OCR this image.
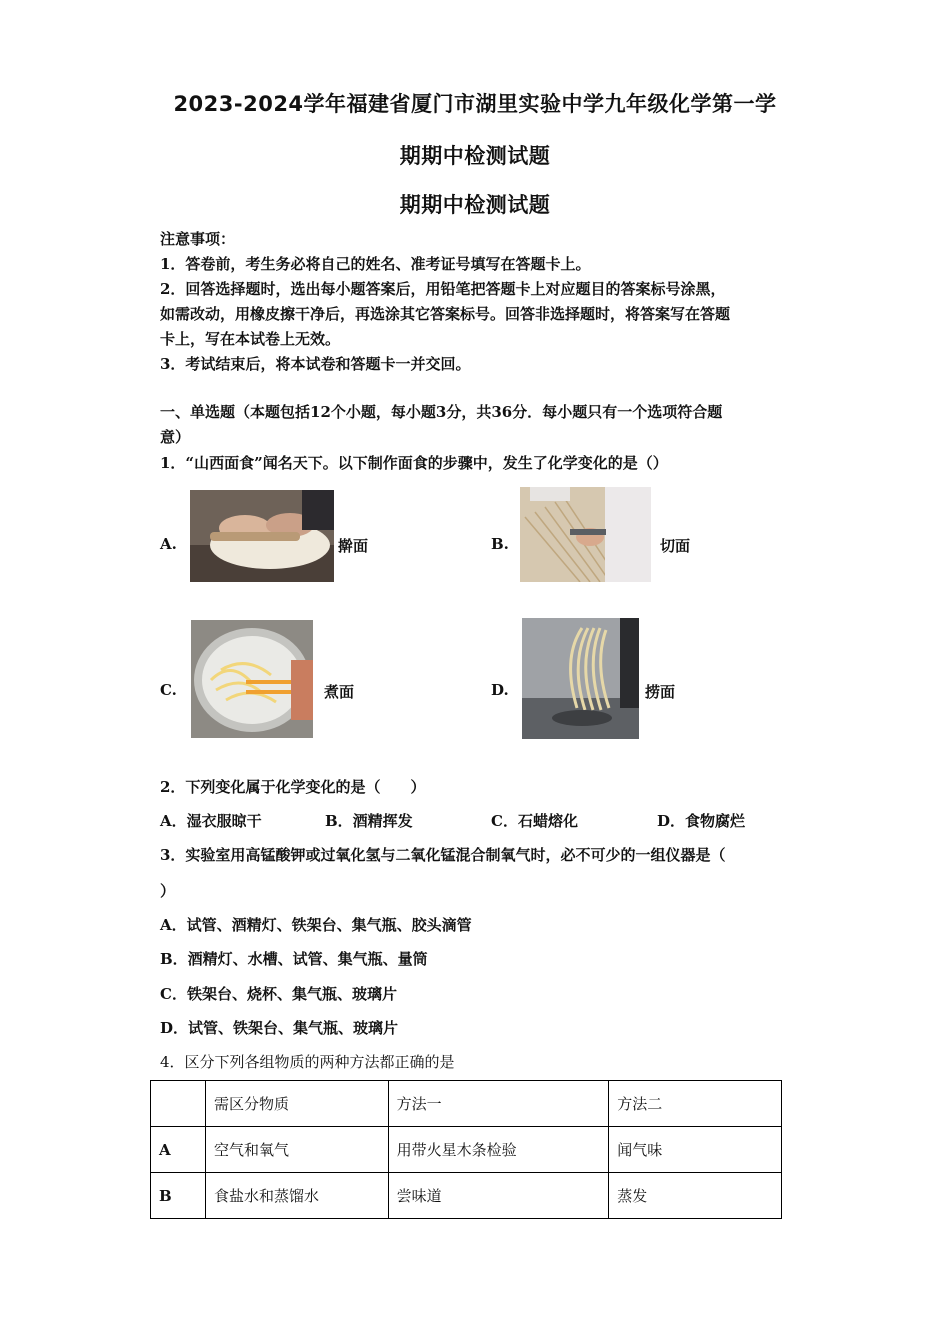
2023-2024学年福建省厦门市湖里实验中学九年级化学第一学
期期中检测试题
期期中检测试题
注意事项：
1．答卷前，考生务必将自己的姓名、准考证号填写在答题卡上。
2．回答选择题时，选出每小题答案后，用铅笔把答题卡上对应题目的答案标号涂黑，
如需改动，用橡皮擦干净后，再选涂其它答案标号。回答非选择题时，将答案写在答题
卡上，写在本试卷上无效。
3．考试结束后，将本试卷和答题卡一并交回。
一、单选题（本题包括12个小题，每小题3分，共36分．每小题只有一个选项符合题
意）
1．“山西面食”闻名天下。以下制作面食的步骤中，发生了化学变化的是（）
A.	擀面	B.	切面
C.	煮面	D.	捞面
2．下列变化属于化学变化的是（　　）
A．湿衣服晾干	B．酒精挥发	C．石蜡熔化	D．食物腐烂
3．实验室用高锰酸钾或过氧化氢与二氧化锰混合制氧气时，必不可少的一组仪器是（
）
A．试管、酒精灯、铁架台、集气瓶、胶头滴管
B．酒精灯、水槽、试管、集气瓶、量筒
C．铁架台、烧杯、集气瓶、玻璃片
D．试管、铁架台、集气瓶、玻璃片
4．区分下列各组物质的两种方法都正确的是
	需区分物质	方法一	方法二
A	空气和氧气	用带火星木条检验	闻气味
B	食盐水和蒸馏水	尝味道	蒸发
